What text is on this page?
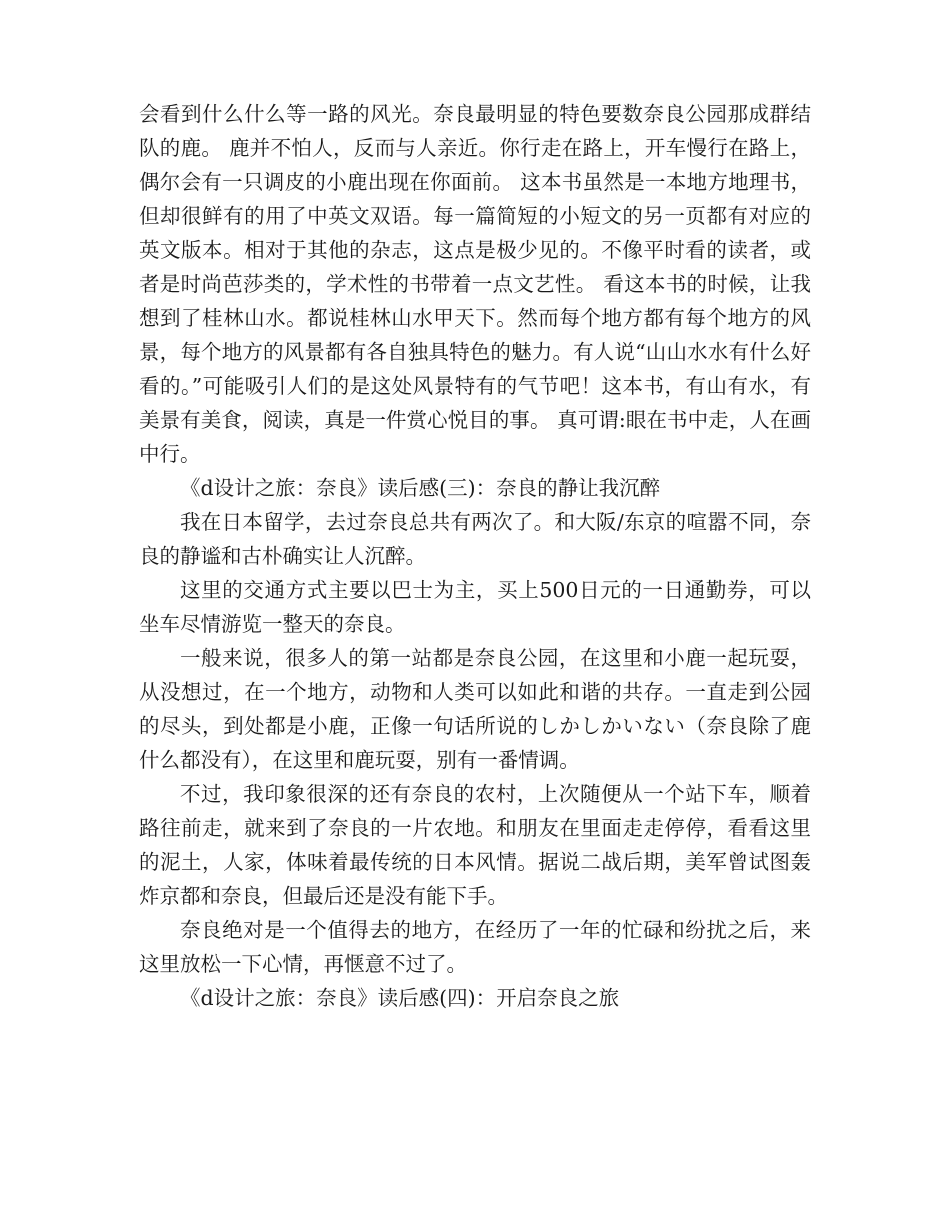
会看到什么什么等一路的风光。奈良最明显的特色要数奈良公园那成群结队的鹿。 鹿并不怕人，反而与人亲近。你行走在路上，开车慢行在路上，偶尔会有一只调皮的小鹿出现在你面前。 这本书虽然是一本地方地理书，但却很鲜有的用了中英文双语。每一篇简短的小短文的另一页都有对应的英文版本。相对于其他的杂志，这点是极少见的。不像平时看的读者，或者是时尚芭莎类的，学术性的书带着一点文艺性。 看这本书的时候，让我想到了桂林山水。都说桂林山水甲天下。然而每个地方都有每个地方的风景，每个地方的风景都有各自独具特色的魅力。有人说“山山水水有什么好看的。”可能吸引人们的是这处风景特有的气节吧！这本书，有山有水，有美景有美食，阅读，真是一件赏心悦目的事。 真可谓:眼在书中走，人在画中行。

《d设计之旅：奈良》读后感(三)：奈良的静让我沉醉

我在日本留学，去过奈良总共有两次了。和大阪/东京的喧嚣不同，奈良的静谧和古朴确实让人沉醉。

这里的交通方式主要以巴士为主，买上500日元的一日通勤券，可以坐车尽情游览一整天的奈良。

一般来说，很多人的第一站都是奈良公园，在这里和小鹿一起玩耍，从没想过，在一个地方，动物和人类可以如此和谐的共存。一直走到公园的尽头，到处都是小鹿，正像一句话所说的しかしかいない（奈良除了鹿什么都没有），在这里和鹿玩耍，别有一番情调。

不过，我印象很深的还有奈良的农村，上次随便从一个站下车，顺着路往前走，就来到了奈良的一片农地。和朋友在里面走走停停，看看这里的泥土，人家，体味着最传统的日本风情。据说二战后期，美军曾试图轰炸京都和奈良，但最后还是没有能下手。

奈良绝对是一个值得去的地方，在经历了一年的忙碌和纷扰之后，来这里放松一下心情，再惬意不过了。

《d设计之旅：奈良》读后感(四)：开启奈良之旅
